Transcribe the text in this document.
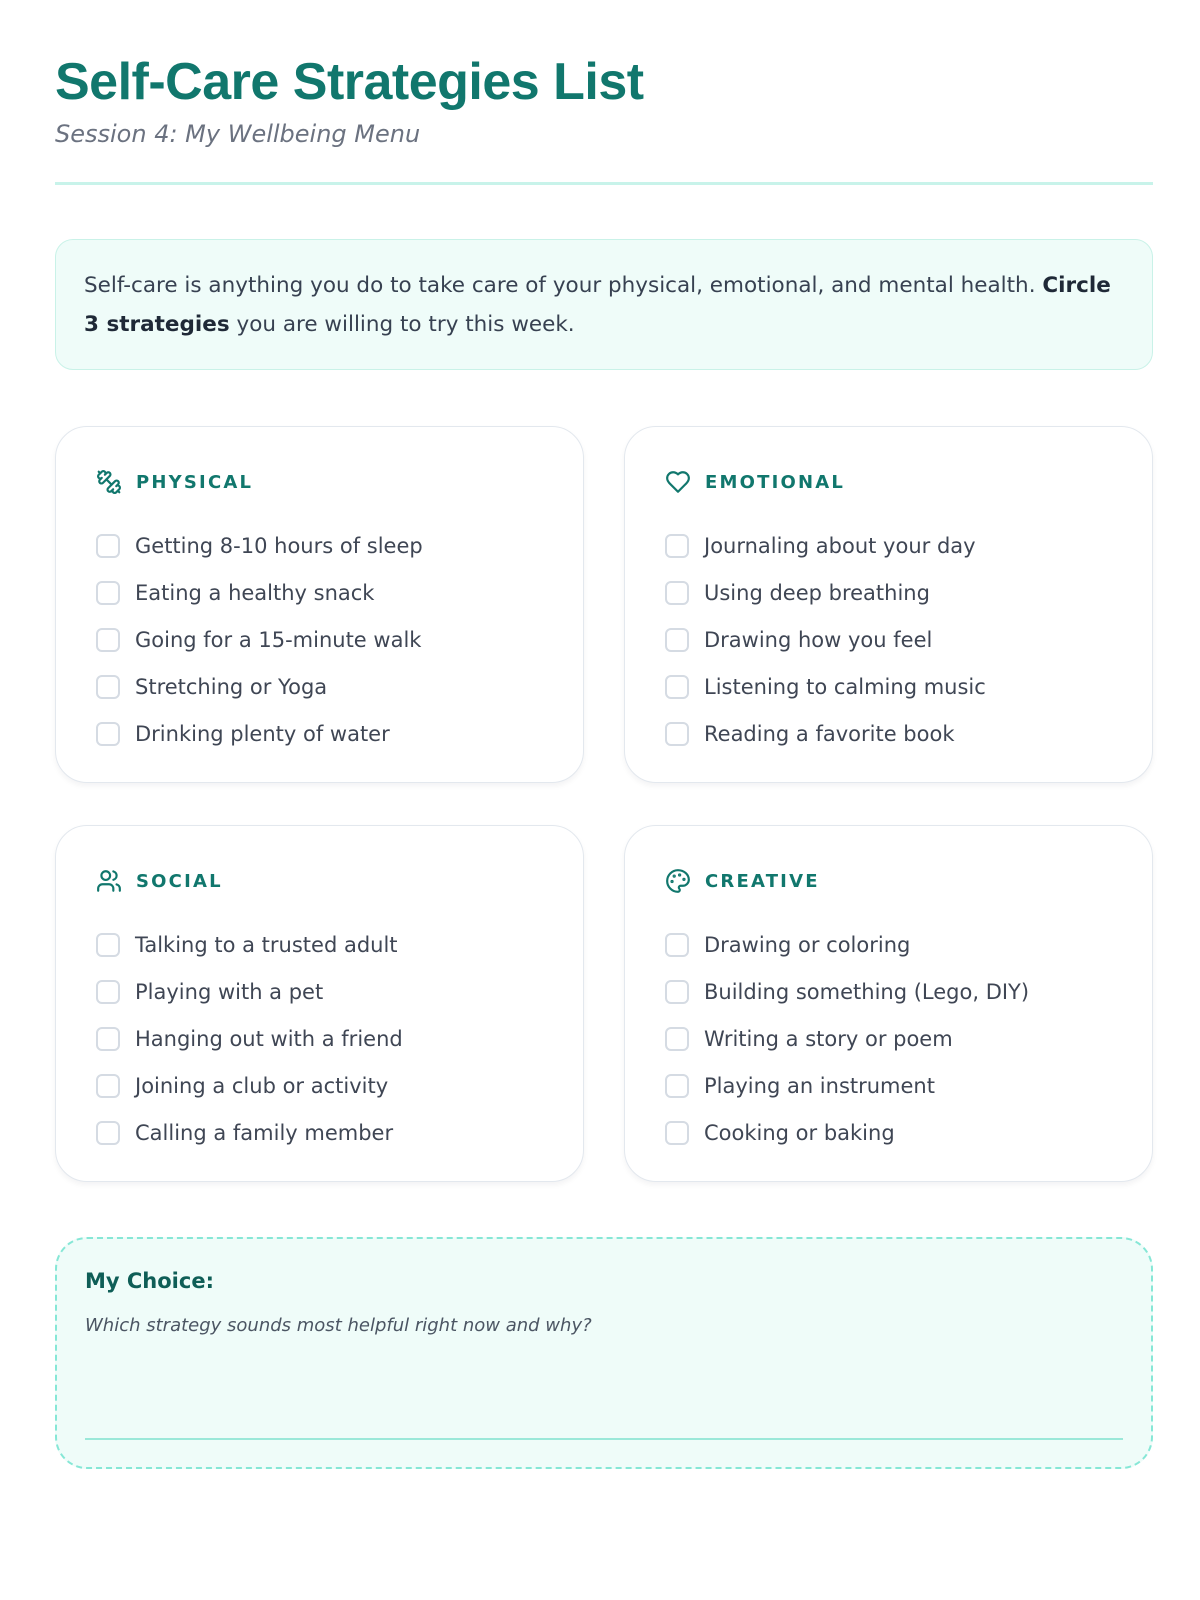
Self-Care Strategies List
Session 4: My Wellbeing Menu
Self-care is anything you do to take care of your physical, emotional, and mental health. Circle 3 strategies you are willing to try this week.
PHYSICAL
Getting 8-10 hours of sleep
Eating a healthy snack
Going for a 15-minute walk
Stretching or Yoga
Drinking plenty of water
EMOTIONAL
Journaling about your day
Using deep breathing
Drawing how you feel
Listening to calming music
Reading a favorite book
SOCIAL
Talking to a trusted adult
Playing with a pet
Hanging out with a friend
Joining a club or activity
Calling a family member
CREATIVE
Drawing or coloring
Building something (Lego, DIY)
Writing a story or poem
Playing an instrument
Cooking or baking
My Choice:
Which strategy sounds most helpful right now and why?
